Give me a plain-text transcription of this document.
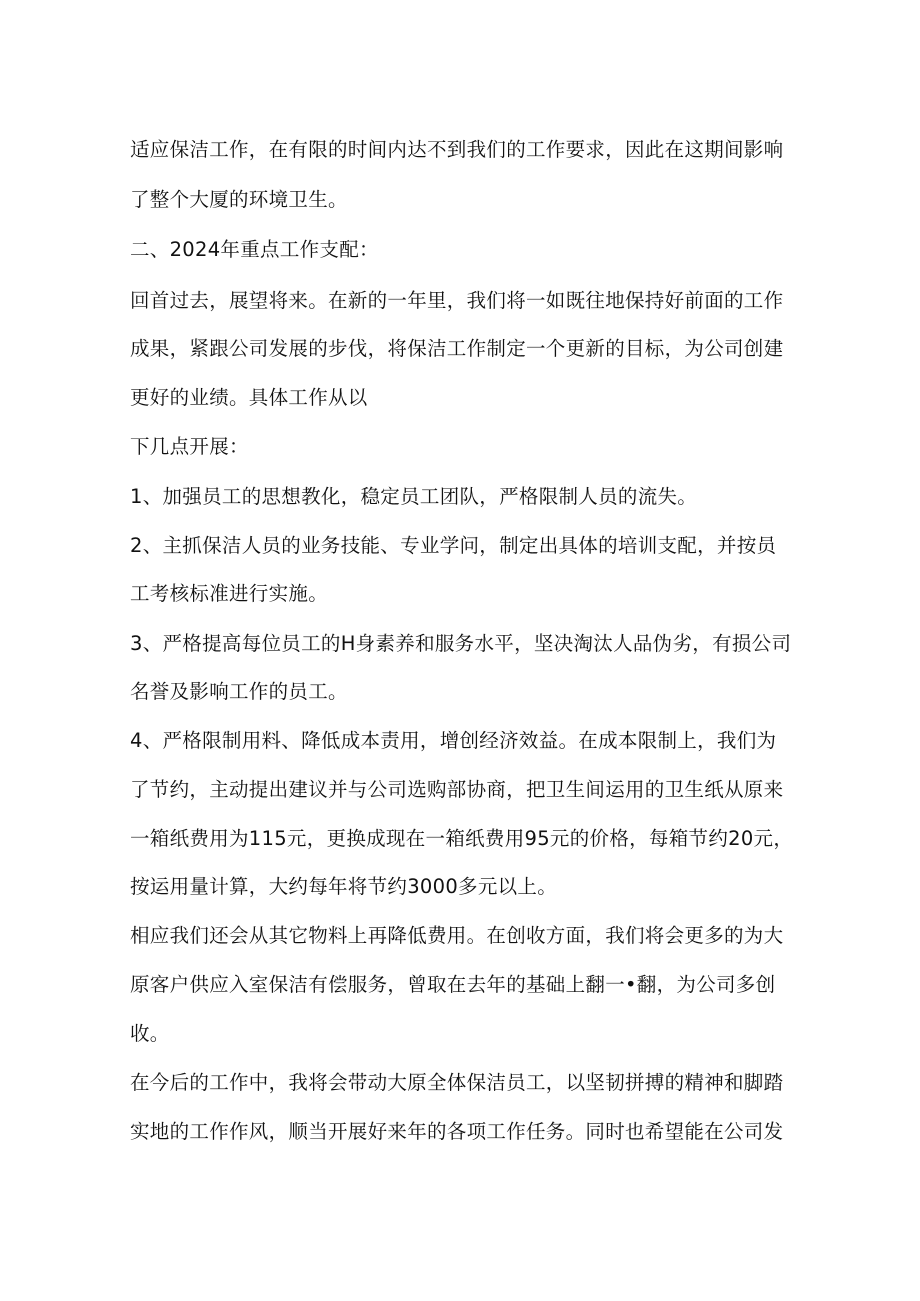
适应保洁工作，在有限的时间内达不到我们的工作要求，因此在这期间影响
了整个大厦的环境卫生。
二、2024年重点工作支配：
回首过去，展望将来。在新的一年里，我们将一如既往地保持好前面的工作
成果，紧跟公司发展的步伐，将保洁工作制定一个更新的目标，为公司创建
更好的业绩。具体工作从以
下几点开展：
1、加强员工的思想教化，稳定员工团队，严格限制人员的流失。
2、主抓保洁人员的业务技能、专业学问，制定出具体的培训支配，并按员
工考核标准进行实施。
3、严格提高每位员工的H身素养和服务水平，坚决淘汰人品伪劣，有损公司
名誉及影响工作的员工。
4、严格限制用料、降低成本责用，增创经济效益。在成本限制上，我们为
了节约，主动提出建议并与公司选购部协商，把卫生间运用的卫生纸从原来
一箱纸费用为115元，更换成现在一箱纸费用95元的价格，每箱节约20元，
按运用量计算，大约每年将节约3000多元以上。
相应我们还会从其它物料上再降低费用。在创收方面，我们将会更多的为大
原客户供应入室保洁有偿服务，曾取在去年的基础上翻一•翻，为公司多创
收。
在今后的工作中，我将会带动大原全体保洁员工，以坚韧拼搏的精神和脚踏
实地的工作作风，顺当开展好来年的各项工作任务。同时也希望能在公司发
